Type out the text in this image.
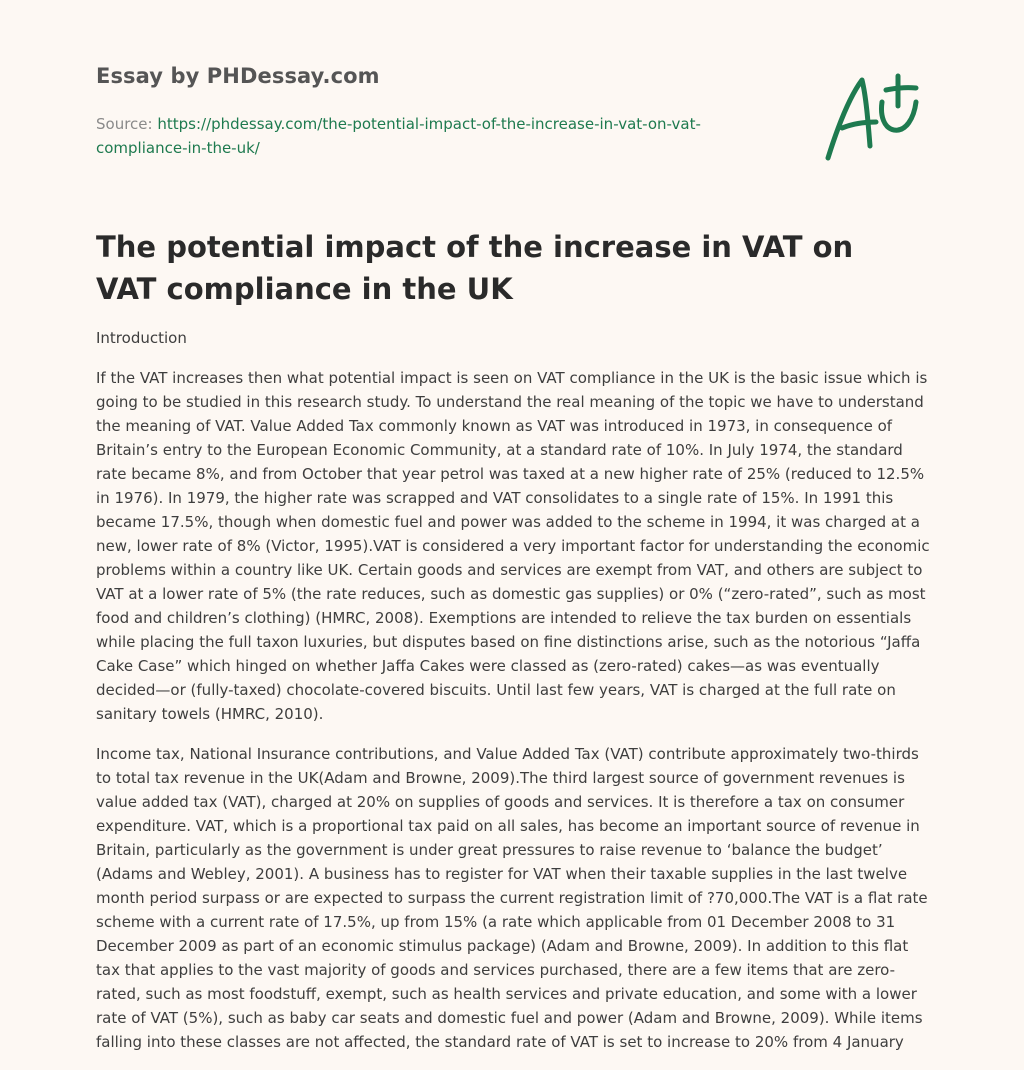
Essay by PHDessay.com
Source: https://phdessay.com/the-potential-impact-of-the-increase-in-vat-on-vat-
compliance-in-the-uk/
The potential impact of the increase in VAT on VAT compliance in the UK

Introduction

If the VAT increases then what potential impact is seen on VAT compliance in the UK is the basic issue which is going to be studied in this research study. To understand the real meaning of the topic we have to understand the meaning of VAT. Value Added Tax commonly known as VAT was introduced in 1973, in consequence of Britain’s entry to the European Economic Community, at a standard rate of 10%. In July 1974, the standard rate became 8%, and from October that year petrol was taxed at a new higher rate of 25% (reduced to 12.5% in 1976). In 1979, the higher rate was scrapped and VAT consolidates to a single rate of 15%. In 1991 this became 17.5%, though when domestic fuel and power was added to the scheme in 1994, it was charged at a new, lower rate of 8% (Victor, 1995).VAT is considered a very important factor for understanding the economic problems within a country like UK. Certain goods and services are exempt from VAT, and others are subject to VAT at a lower rate of 5% (the rate reduces, such as domestic gas supplies) or 0% (“zero-rated”, such as most food and children’s clothing) (HMRC, 2008). Exemptions are intended to relieve the tax burden on essentials while placing the full taxon luxuries, but disputes based on fine distinctions arise, such as the notorious “Jaffa Cake Case” which hinged on whether Jaffa Cakes were classed as (zero-rated) cakes—as was eventually decided—or (fully-taxed) chocolate-covered biscuits. Until last few years, VAT is charged at the full rate on sanitary towels (HMRC, 2010).

Income tax, National Insurance contributions, and Value Added Tax (VAT) contribute approximately two-thirds to total tax revenue in the UK(Adam and Browne, 2009).The third largest source of government revenues is value added tax (VAT), charged at 20% on supplies of goods and services. It is therefore a tax on consumer expenditure. VAT, which is a proportional tax paid on all sales, has become an important source of revenue in Britain, particularly as the government is under great pressures to raise revenue to ‘balance the budget’ (Adams and Webley, 2001). A business has to register for VAT when their taxable supplies in the last twelve month period surpass or are expected to surpass the current registration limit of ?70,000.The VAT is a flat rate scheme with a current rate of 17.5%, up from 15% (a rate which applicable from 01 December 2008 to 31 December 2009 as part of an economic stimulus package) (Adam and Browne, 2009). In addition to this flat tax that applies to the vast majority of goods and services purchased, there are a few items that are zero-rated, such as most foodstuff, exempt, such as health services and private education, and some with a lower rate of VAT (5%), such as baby car seats and domestic fuel and power (Adam and Browne, 2009). While items falling into these classes are not affected, the standard rate of VAT is set to increase to 20% from 4 January
